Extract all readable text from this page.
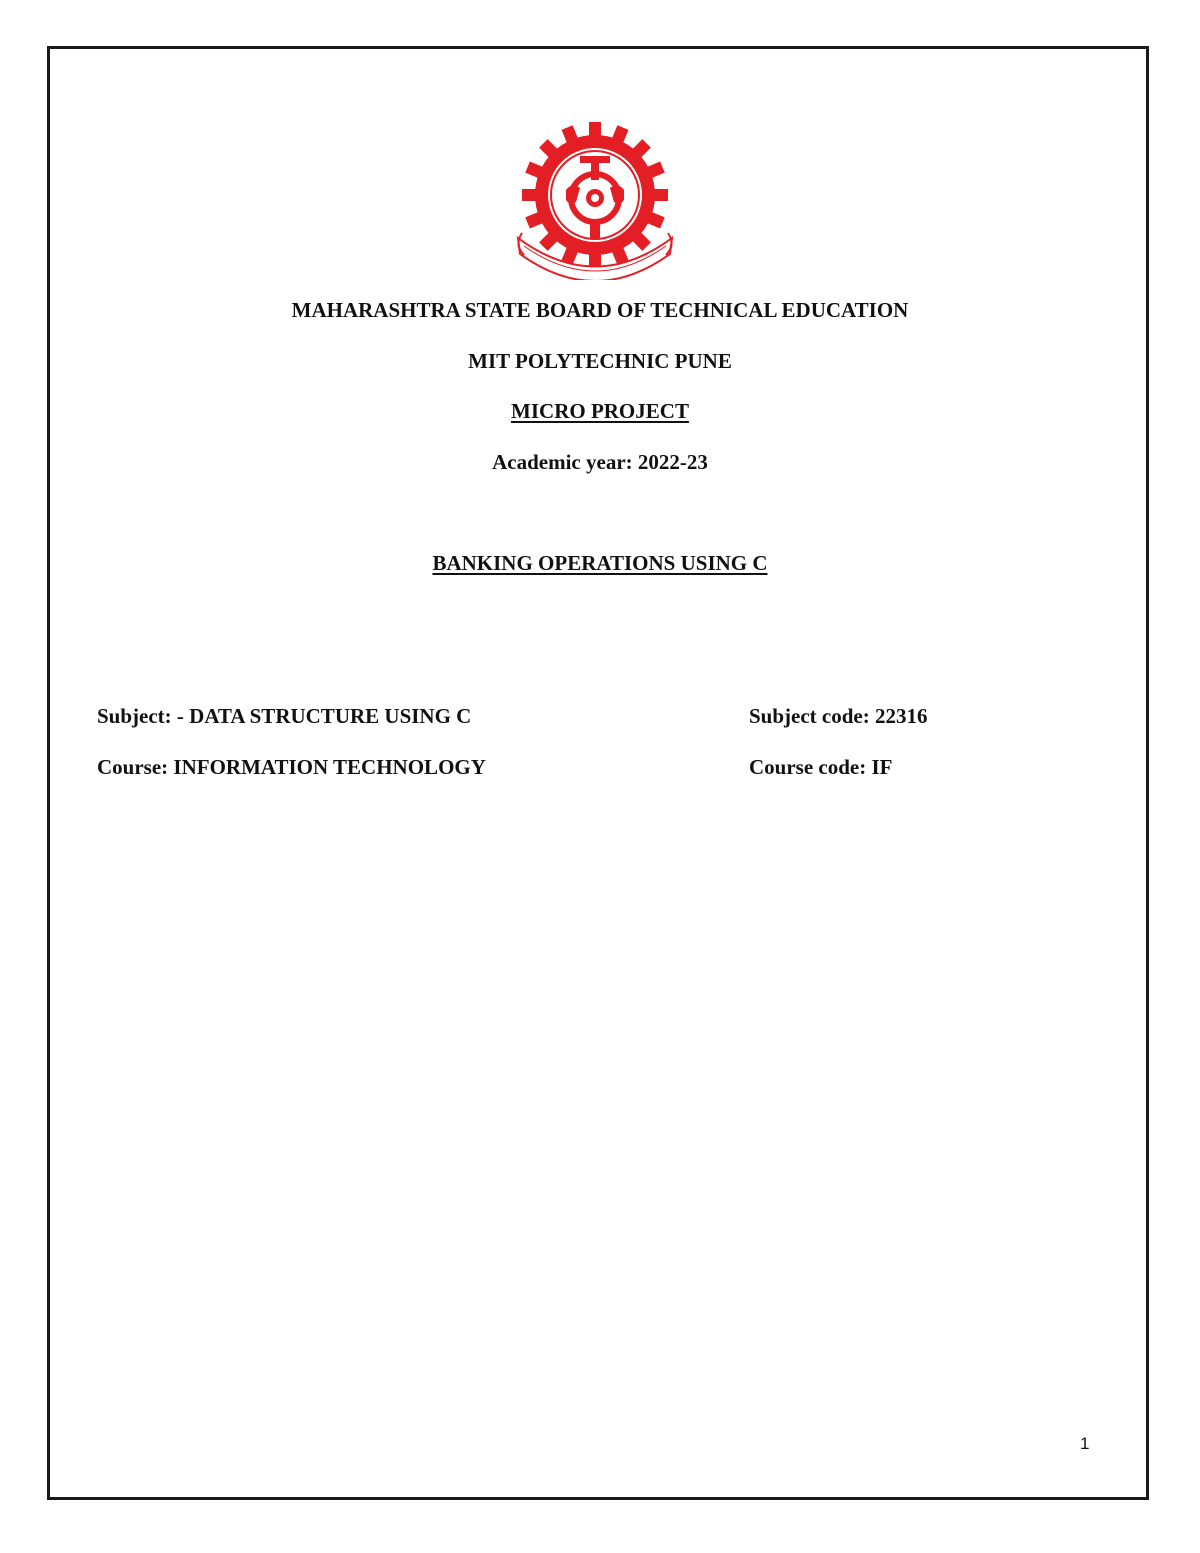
MAHARASHTRA STATE BOARD OF TECHNICAL EDUCATION
MIT POLYTECHNIC PUNE
MICRO PROJECT
Academic year: 2022-23
BANKING OPERATIONS USING C
Subject: - DATA STRUCTURE USING C	Subject code: 22316
Course: INFORMATION TECHNOLOGY	Course code: IF
1
